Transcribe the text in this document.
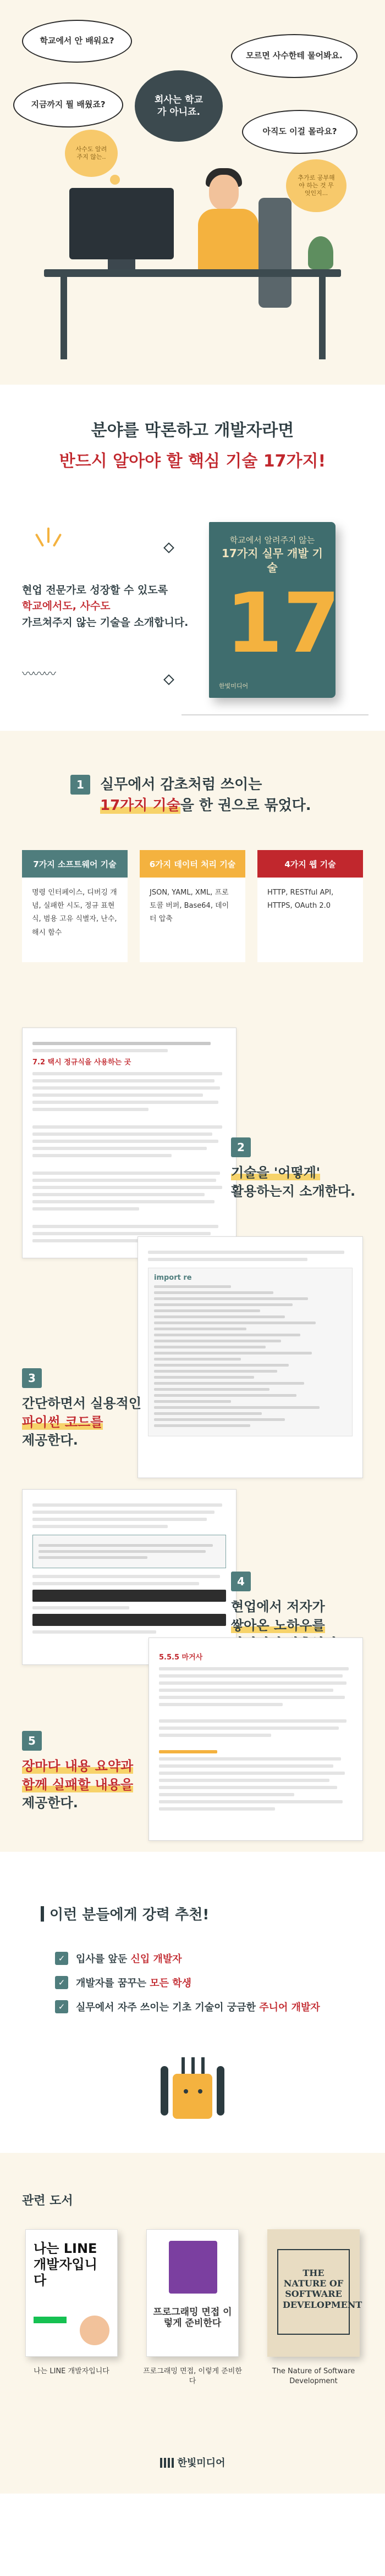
학교에서 안 배워요?
모르면 사수한테 물어봐요.
지금까지 뭘 배웠죠?	회사는 학교가 아니죠.
아직도 이걸 몰라요?
사수도 알려주지 않는..
추가로 공부해야 하는 것 무엇인지...
분야를 막론하고 개발자라면
반드시 알아야 할 핵심 기술 17가지!
〰〰〰
현업 전문가로 성장할 수 있도록
학교에서도, 사수도
가르쳐주지 않는 기술을 소개합니다.
학교에서 알려주지 않는
17가지 실무 개발 기술
17
한빛미디어
1	실무에서 감초처럼 쓰이는
17가지 기술을 한 권으로 묶었다.
7가지 소프트웨어 기술
명령 인터페이스, 디버깅 개념, 실패한 시도, 정규 표현식, 범용 고유 식별자, 난수, 해시 함수
6가지 데이터 처리 기술
JSON, YAML, XML, 프로토콜 버퍼, Base64, 데이터 압축
4가지 웹 기술
HTTP, RESTful API, HTTPS, OAuth 2.0
7.2 택시 정규식을 사용하는 곳
2
기술을 '어떻게'
활용하는지 소개한다.
import re
3
간단하면서 실용적인
파이썬 코드를
제공한다.
4
현업에서 저자가
쌓아온 노하우를
5.5.5 마거사
5
장마다 내용 요약과
함께 실패할 내용을
제공한다.
이런 분들에게 강력 추천!
✓	입사를 앞둔 신입 개발자
✓	개발자를 꿈꾸는 모든 학생
✓	실무에서 자주 쓰이는 기초 기술이 궁금한 주니어 개발자
관련 도서
나는 LINE 개발자입니다
나는 LINE 개발자입니다
프로그래밍 면접 이렇게 준비한다
프로그래밍 면접, 이렇게 준비한다
THE NATURE OF SOFTWARE DEVELOPMENT
The Nature of Software Development
한빛미디어
